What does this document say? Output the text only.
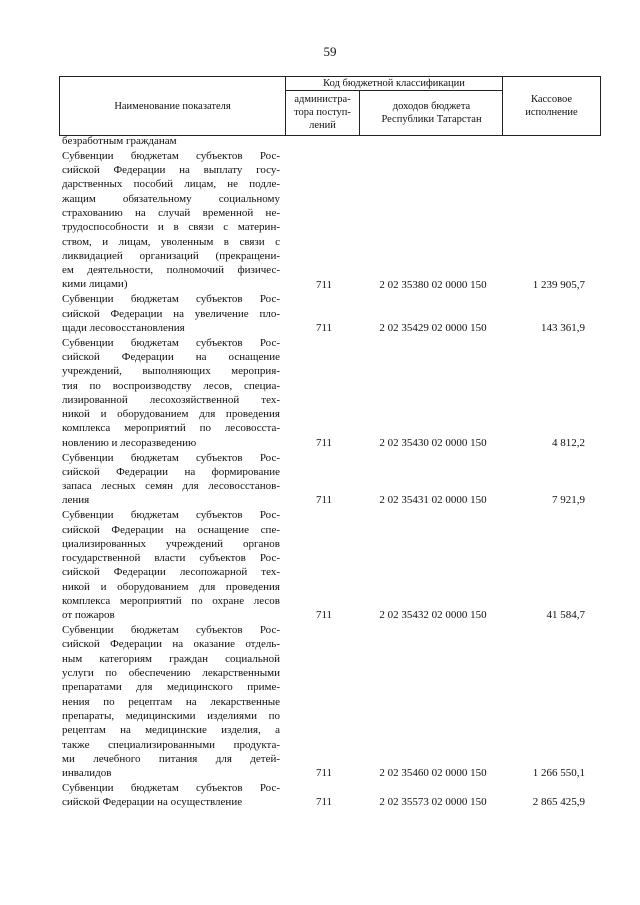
59
Наименование показателя
Код бюджетной классификации
администра-
тора поступ-
лений
доходов бюджета
Республики Татарстан
Кассовое
исполнение
безработным гражданам
Субвенции бюджетам субъектов Рос-
сийской Федерации на выплату госу-
дарственных пособий лицам, не подле-
жащим обязательному социальному
страхованию на случай временной не-
трудоспособности и в связи с материн-
ством, и лицам, уволенным в связи с
ликвидацией организаций (прекращени-
ем деятельности, полномочий физичес-
кими лицами)	711	2 02 35380 02 0000 150	1 239 905,7
Субвенции бюджетам субъектов Рос-
сийской Федерации на увеличение пло-
щади лесовосстановления	711	2 02 35429 02 0000 150	143 361,9
Субвенции бюджетам субъектов Рос-
сийской Федерации на оснащение
учреждений, выполняющих мероприя-
тия по воспроизводству лесов, специа-
лизированной лесохозяйственной тех-
никой и оборудованием для проведения
комплекса мероприятий по лесовосста-
новлению и лесоразведению	711	2 02 35430 02 0000 150	4 812,2
Субвенции бюджетам субъектов Рос-
сийской Федерации на формирование
запаса лесных семян для лесовосстанов-
ления	711	2 02 35431 02 0000 150	7 921,9
Субвенции бюджетам субъектов Рос-
сийской Федерации на оснащение спе-
циализированных учреждений органов
государственной власти субъектов Рос-
сийской Федерации лесопожарной тех-
никой и оборудованием для проведения
комплекса мероприятий по охране лесов
от пожаров	711	2 02 35432 02 0000 150	41 584,7
Субвенции бюджетам субъектов Рос-
сийской Федерации на оказание отдель-
ным категориям граждан социальной
услуги по обеспечению лекарственными
препаратами для медицинского приме-
нения по рецептам на лекарственные
препараты, медицинскими изделиями по
рецептам на медицинские изделия, а
также специализированными продукта-
ми лечебного питания для детей-
инвалидов	711	2 02 35460 02 0000 150	1 266 550,1
Субвенции бюджетам субъектов Рос-
сийской Федерации на осуществление	711	2 02 35573 02 0000 150	2 865 425,9
